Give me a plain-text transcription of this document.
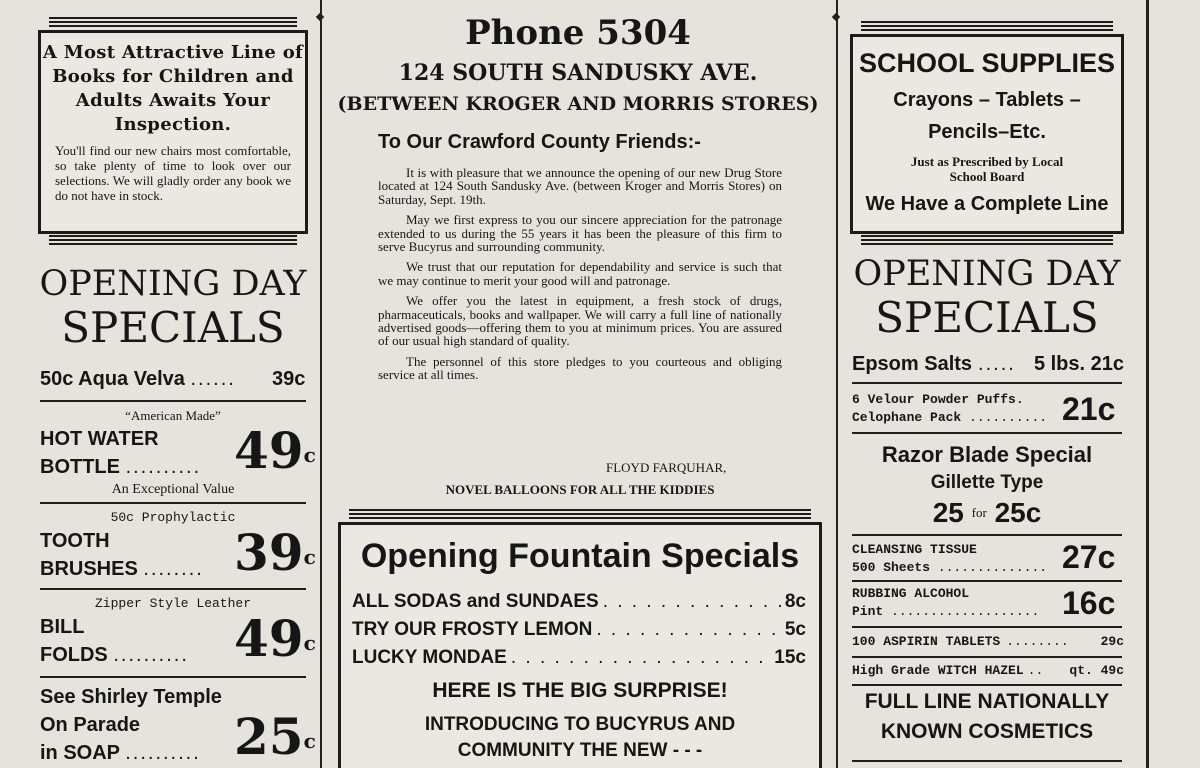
A Most Attractive Line of Books for Children and Adults Awaits Your Inspection.
You'll find our new chairs most comfortable, so take plenty of time to look over our selections. We will gladly order any book we do not have in stock.
OPENING DAY
SPECIALS
50c Aqua Velva ...... 39c
“American Made”
HOT WATER
BOTTLE .......... 49$^c$
An Exceptional Value
50c Prophylactic
TOOTH
BRUSHES ........ 39$^c$
Zipper Style Leather
BILL
FOLDS .......... 49$^c$
See Shirley Temple
On Parade
in SOAP .......... 25$^c$
Phone 5304
124 SOUTH SANDUSKY AVE.
(BETWEEN KROGER AND MORRIS STORES)
To Our Crawford County Friends:-

It is with pleasure that we announce the opening of our new Drug Store located at 124 South Sandusky Ave. (between Kroger and Morris Stores) on Saturday, Sept. 19th.

May we first express to you our sincere appreciation for the patronage extended to us during the 55 years it has been the pleasure of this firm to serve Bucyrus and surrounding community.

We trust that our reputation for dependability and service is such that we may continue to merit your good will and patronage.

We offer you the latest in equipment, a fresh stock of drugs, pharmaceuticals, books and wallpaper. We will carry a full line of nationally advertised goods—offering them to you at minimum prices. You are assured of our usual high standard of quality.

The personnel of this store pledges to you courteous and obliging service at all times.

FLOYD FARQUHAR,
NOVEL BALLOONS FOR ALL THE KIDDIES
Opening Fountain Specials
ALL SODAS and SUNDAES . . .	8c
TRY OUR FROSTY LEMON . . .	5c
LUCKY MONDAE . . .	15c
HERE IS THE BIG SURPRISE!
INTRODUCING TO BUCYRUS AND
COMMUNITY THE NEW - - -
SCHOOL SUPPLIES
Crayons – Tablets –
Pencils–Etc.
Just as Prescribed by Local
School Board
We Have a Complete Line
OPENING DAY
SPECIALS
Epsom Salts ..... 5 lbs. 21c
6 Velour Powder Puffs.
Celophane Pack .......... 21c
Razor Blade Special
Gillette Type
25 $^{for}$ 25c
CLEANSING TISSUE
500 Sheets .............. 27c
RUBBING ALCOHOL
Pint ................... 16c
100 ASPIRIN TABLETS ........ 29c
High Grade WITCH HAZEL .. qt. 49c
FULL LINE NATIONALLY
KNOWN COSMETICS
